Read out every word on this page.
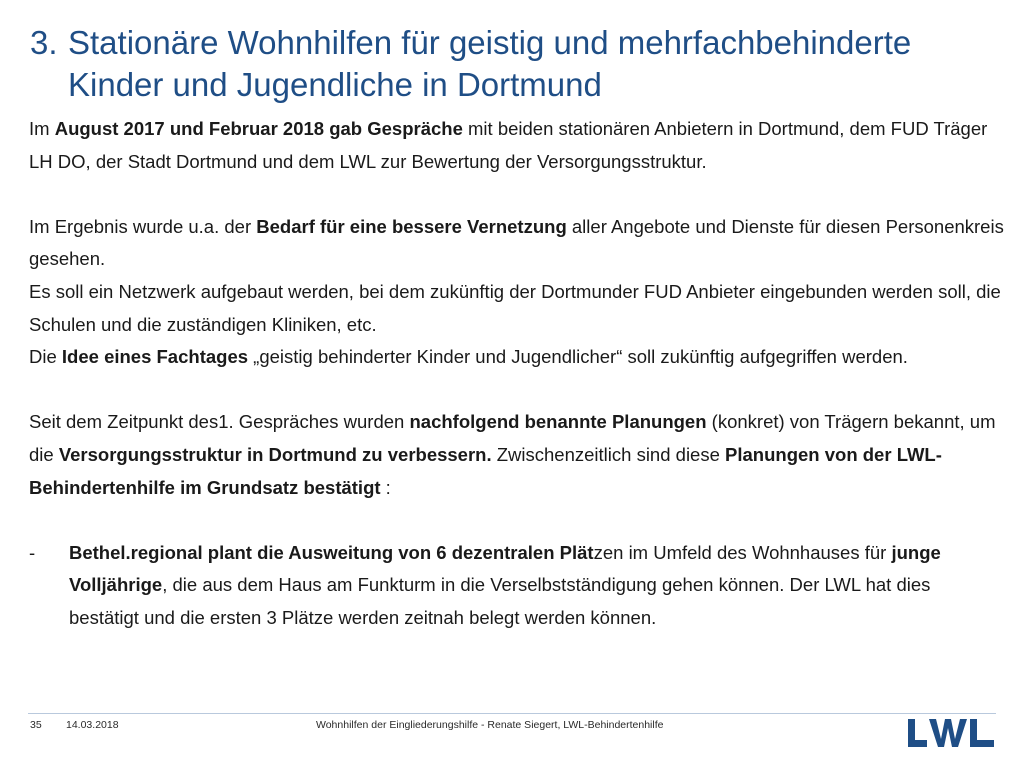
3. Stationäre Wohnhilfen für geistig und mehrfachbehinderte
Kinder und Jugendliche in Dortmund

Im August 2017 und Februar 2018 gab Gespräche mit beiden stationären Anbietern in Dortmund, dem FUD Träger LH DO, der Stadt Dortmund und dem LWL zur Bewertung der Versorgungsstruktur.

Im Ergebnis wurde u.a. der Bedarf für eine bessere Vernetzung aller Angebote und Dienste für diesen Personenkreis gesehen.

Es soll ein Netzwerk aufgebaut werden, bei dem zukünftig der Dortmunder FUD Anbieter eingebunden werden soll, die Schulen und die zuständigen Kliniken, etc.

Die Idee eines Fachtages „geistig behinderter Kinder und Jugendlicher“ soll zukünftig aufgegriffen werden.

Seit dem Zeitpunkt des1. Gespräches wurden nachfolgend benannte Planungen (konkret) von Trägern bekannt, um die Versorgungsstruktur in Dortmund zu verbessern. Zwischenzeitlich sind diese Planungen von der LWL-Behindertenhilfe im Grundsatz bestätigt :

-	Bethel.regional plant die Ausweitung von 6 dezentralen Plätzen im Umfeld des Wohnhauses für junge Volljährige, die aus dem Haus am Funkturm in die Verselbstständigung gehen können. Der LWL hat dies bestätigt und die ersten 3 Plätze werden zeitnah belegt werden können.
35 14.03.2018	Wohnhilfen der Eingliederungshilfe - Renate Siegert, LWL-Behindertenhilfe
